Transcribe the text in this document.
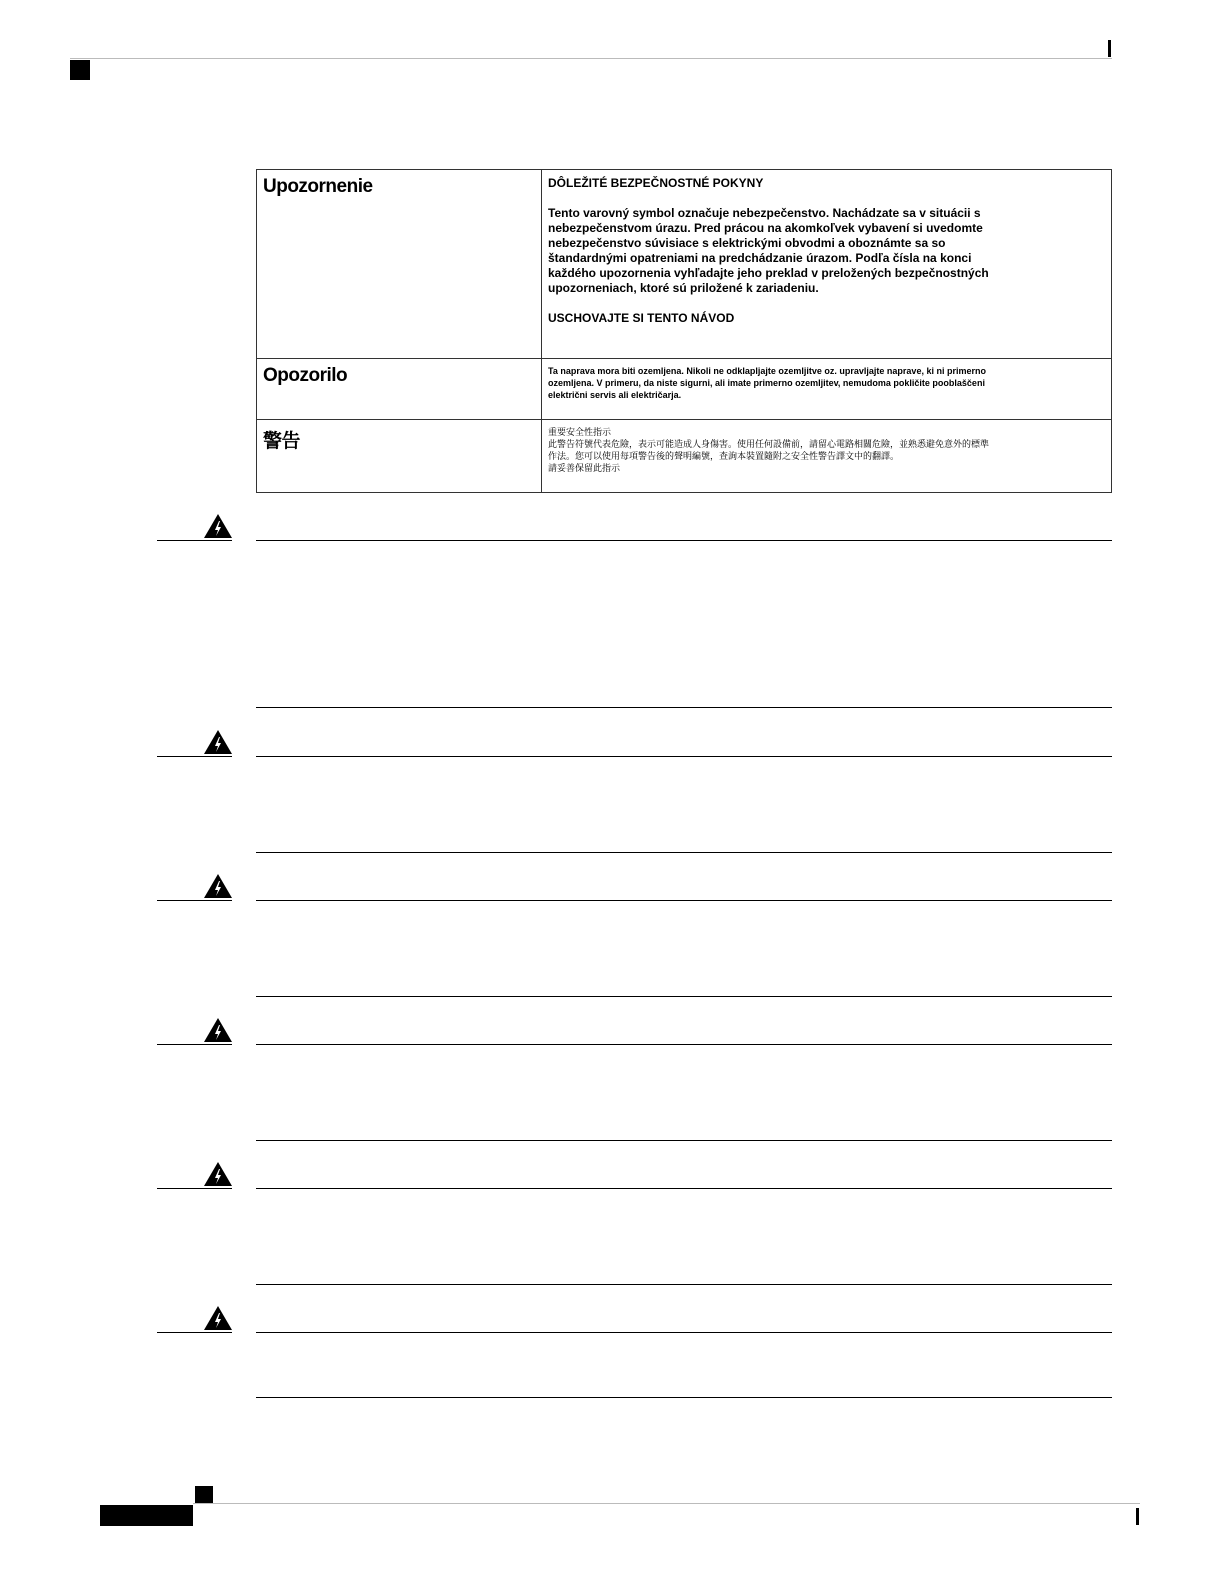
Upozornenie	DÔLEŽITÉ BEZPEČNOSTNÉ POKYNY

Tento varovný symbol označuje nebezpečenstvo. Nachádzate sa v situácii s nebezpečenstvom úrazu. Pred prácou na akomkoľvek vybavení si uvedomte nebezpečenstvo súvisiace s elektrickými obvodmi a oboznámte sa so štandardnými opatreniami na predchádzanie úrazom. Podľa čísla na konci každého upozornenia vyhľadajte jeho preklad v preložených bezpečnostných upozorneniach, ktoré sú priložené k zariadeniu.

USCHOVAJTE SI TENTO NÁVOD

Opozorilo	Ta naprava mora biti ozemljena. Nikoli ne odklapljajte ozemljitve oz. upravljajte naprave, ki ni primerno ozemljena. V primeru, da niste sigurni, ali imate primerno ozemljitev, nemudoma pokličite pooblaščeni električni servis ali električarja.
警告	重要安全性指示
此警告符號代表危險，表示可能造成人身傷害。使用任何設備前，請留心電路相關危險，並熟悉避免意外的標準作法。您可以使用每項警告後的聲明編號，查詢本裝置隨附之安全性警告譯文中的翻譯。
請妥善保留此指示
